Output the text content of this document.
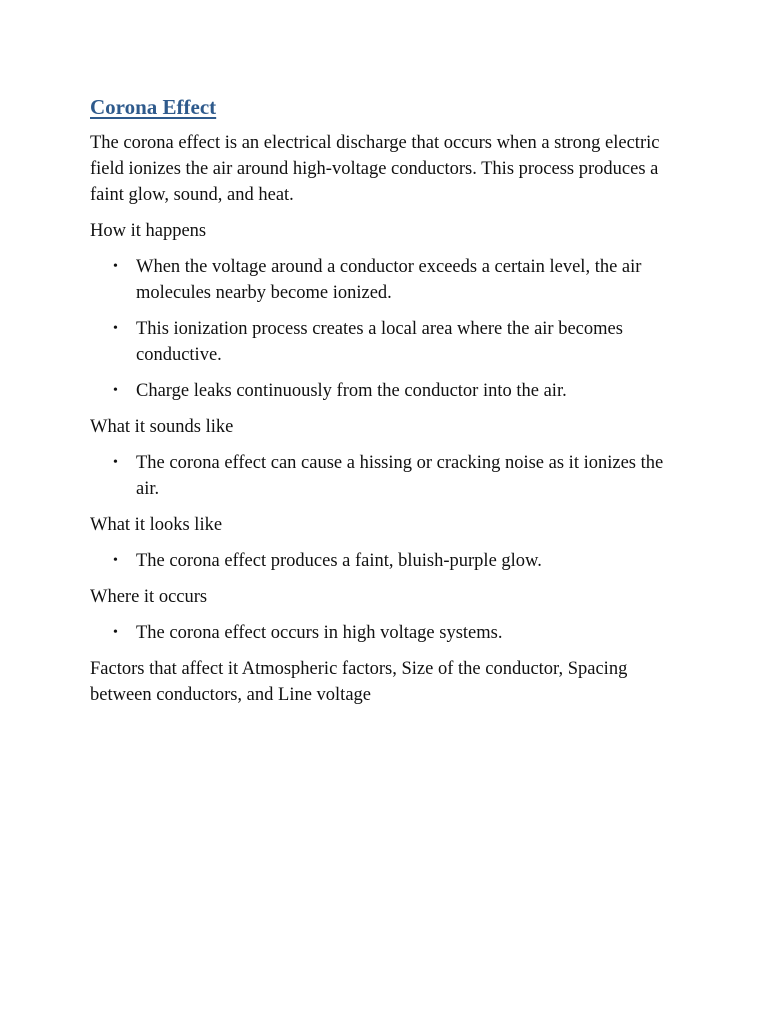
Corona Effect

The corona effect is an electrical discharge that occurs when a strong electric field ionizes the air around high-voltage conductors. This process produces a faint glow, sound, and heat.

How it happens

• When the voltage around a conductor exceeds a certain level, the air molecules nearby become ionized.
• This ionization process creates a local area where the air becomes conductive.
• Charge leaks continuously from the conductor into the air.

What it sounds like

• The corona effect can cause a hissing or cracking noise as it ionizes the air.

What it looks like

• The corona effect produces a faint, bluish-purple glow.

Where it occurs

• The corona effect occurs in high voltage systems.

Factors that affect it Atmospheric factors, Size of the conductor, Spacing between conductors, and Line voltage
